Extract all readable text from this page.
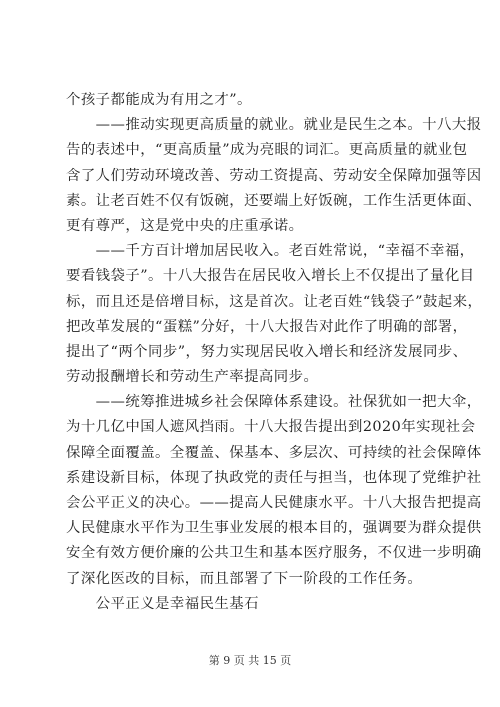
个孩子都能成为有用之才”。
　　——推动实现更高质量的就业。就业是民生之本。十八大报
告的表述中，“更高质量”成为亮眼的词汇。更高质量的就业包
含了人们劳动环境改善、劳动工资提高、劳动安全保障加强等因
素。让老百姓不仅有饭碗，还要端上好饭碗，工作生活更体面、
更有尊严，这是党中央的庄重承诺。
　　——千方百计增加居民收入。老百姓常说，“幸福不幸福，
要看钱袋子”。十八大报告在居民收入增长上不仅提出了量化目
标，而且还是倍增目标，这是首次。让老百姓“钱袋子”鼓起来，
把改革发展的“蛋糕”分好，十八大报告对此作了明确的部署，
提出了“两个同步”，努力实现居民收入增长和经济发展同步、
劳动报酬增长和劳动生产率提高同步。
　　——统筹推进城乡社会保障体系建设。社保犹如一把大伞，
为十几亿中国人遮风挡雨。十八大报告提出到2020年实现社会
保障全面覆盖。全覆盖、保基本、多层次、可持续的社会保障体
系建设新目标，体现了执政党的责任与担当，也体现了党维护社
会公平正义的决心。——提高人民健康水平。十八大报告把提高
人民健康水平作为卫生事业发展的根本目的，强调要为群众提供
安全有效方便价廉的公共卫生和基本医疗服务，不仅进一步明确
了深化医改的目标，而且部署了下一阶段的工作任务。
　　公平正义是幸福民生基石
第 9 页 共 15 页
